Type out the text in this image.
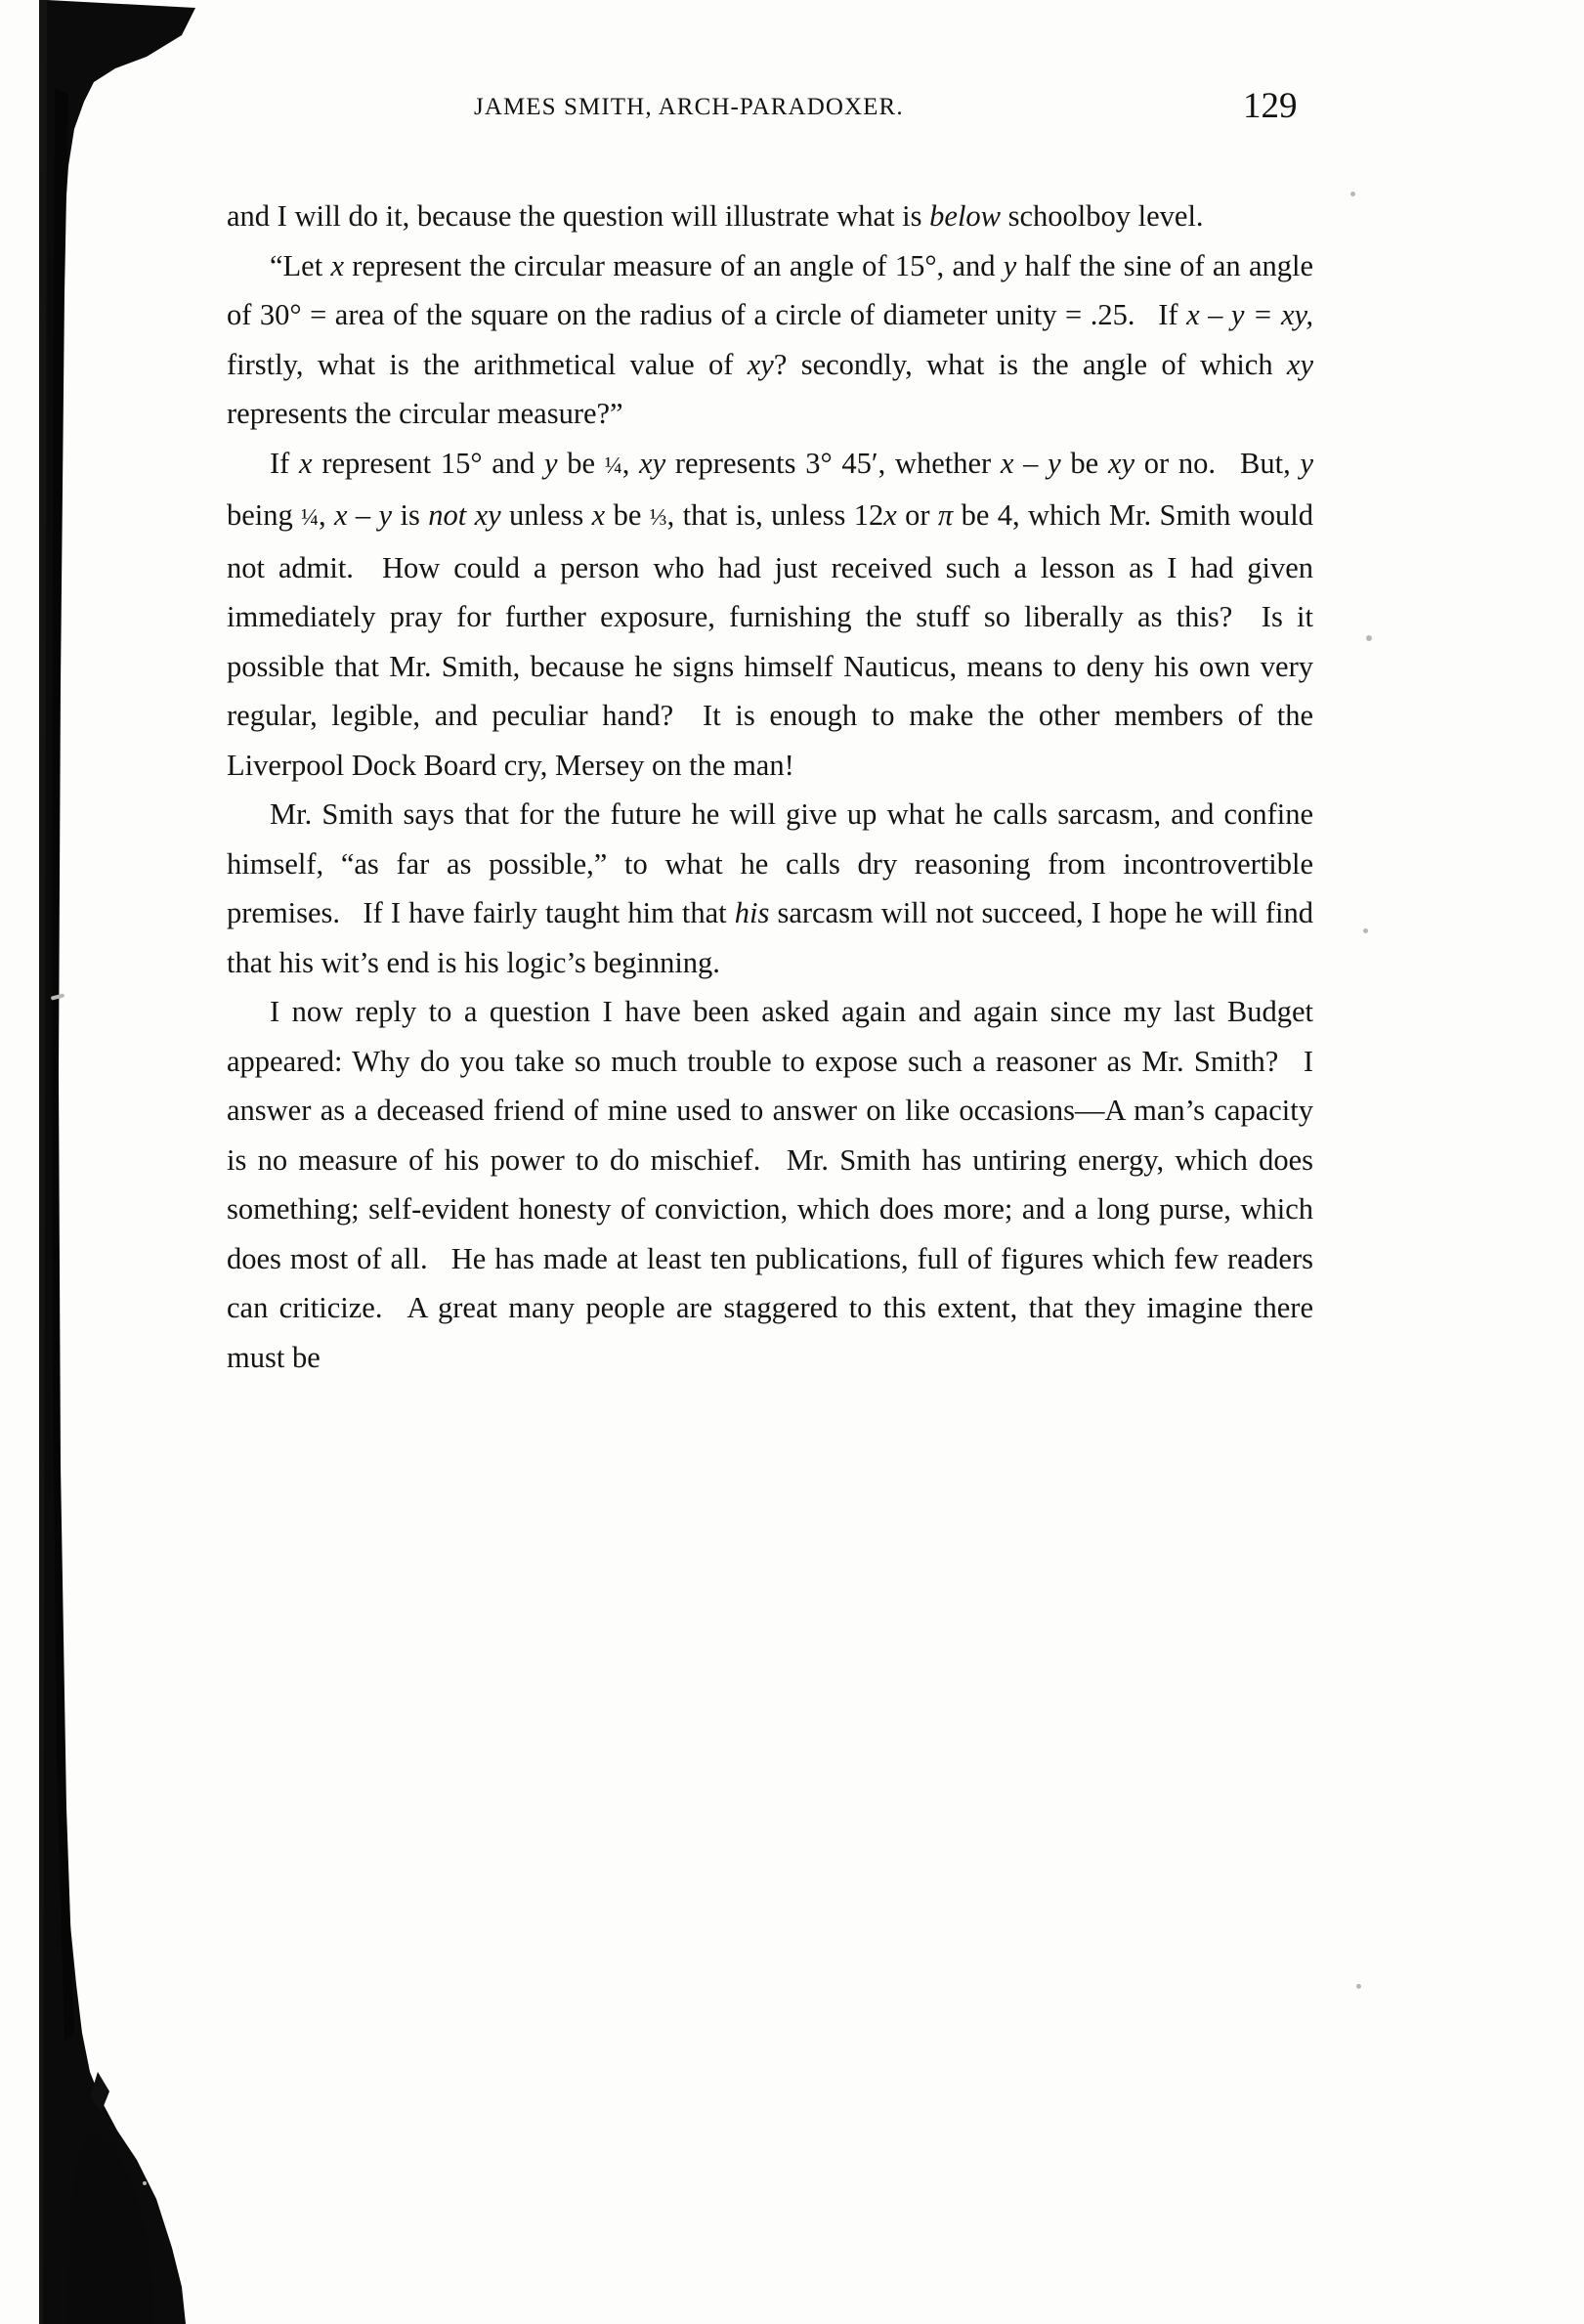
JAMES SMITH, ARCH-PARADOXER.	129

and I will do it, because the question will illustrate what is below schoolboy level.

“Let x represent the circular measure of an angle of 15°, and y half the sine of an angle of 30° = area of the square on the radius of a circle of diameter unity = .25.  If x – y = xy, firstly, what is the arithmetical value of xy? secondly, what is the angle of which xy represents the circular measure?”

If x represent 15° and y be ¼, xy represents 3° 45′, whether x – y be xy or no.  But, y being ¼, x – y is not xy unless x be ⅓, that is, unless 12x or π be 4, which Mr. Smith would not admit.  How could a person who had just received such a lesson as I had given immediately pray for further exposure, furnishing the stuff so liberally as this?  Is it possible that Mr. Smith, because he signs himself Nauticus, means to deny his own very regular, legible, and peculiar hand?  It is enough to make the other members of the Liverpool Dock Board cry, Mersey on the man!

Mr. Smith says that for the future he will give up what he calls sarcasm, and confine himself, “as far as possible,” to what he calls dry reasoning from incontrovertible premises.  If I have fairly taught him that his sarcasm will not succeed, I hope he will find that his wit’s end is his logic’s beginning.

I now reply to a question I have been asked again and again since my last Budget appeared: Why do you take so much trouble to expose such a reasoner as Mr. Smith?  I answer as a deceased friend of mine used to answer on like occasions—A man’s capacity is no measure of his power to do mischief.  Mr. Smith has untiring energy, which does something; self-evident honesty of conviction, which does more; and a long purse, which does most of all.  He has made at least ten publications, full of figures which few readers can criticize.  A great many people are staggered to this extent, that they imagine there must be
